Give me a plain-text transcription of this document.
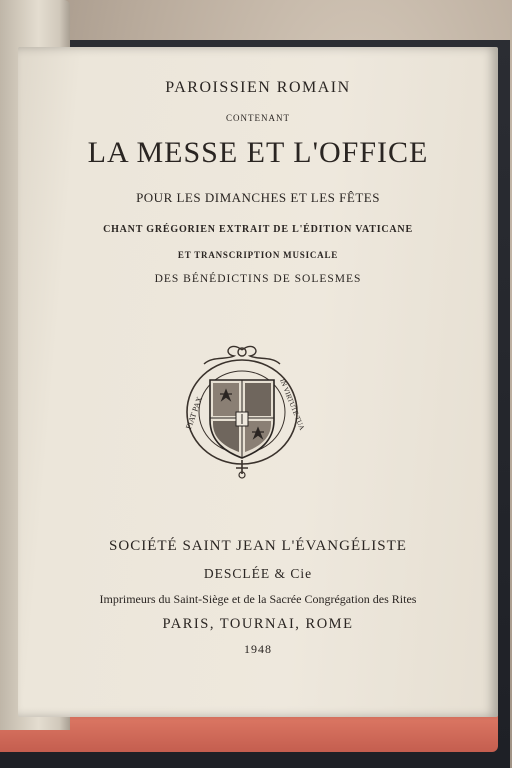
PAROISSIEN ROMAIN
CONTENANT
LA MESSE ET L'OFFICE
POUR LES DIMANCHES ET LES FÊTES
CHANT GRÉGORIEN EXTRAIT DE L'ÉDITION VATICANE
ET TRANSCRIPTION MUSICALE
DES BÉNÉDICTINS DE SOLESMES
FIAT PAX	IN VIRTUTE TUA
SOCIÉTÉ SAINT JEAN L'ÉVANGÉLISTE
DESCLÉE & Cie
Imprimeurs du Saint-Siège et de la Sacrée Congrégation des Rites
PARIS, TOURNAI, ROME
1948
